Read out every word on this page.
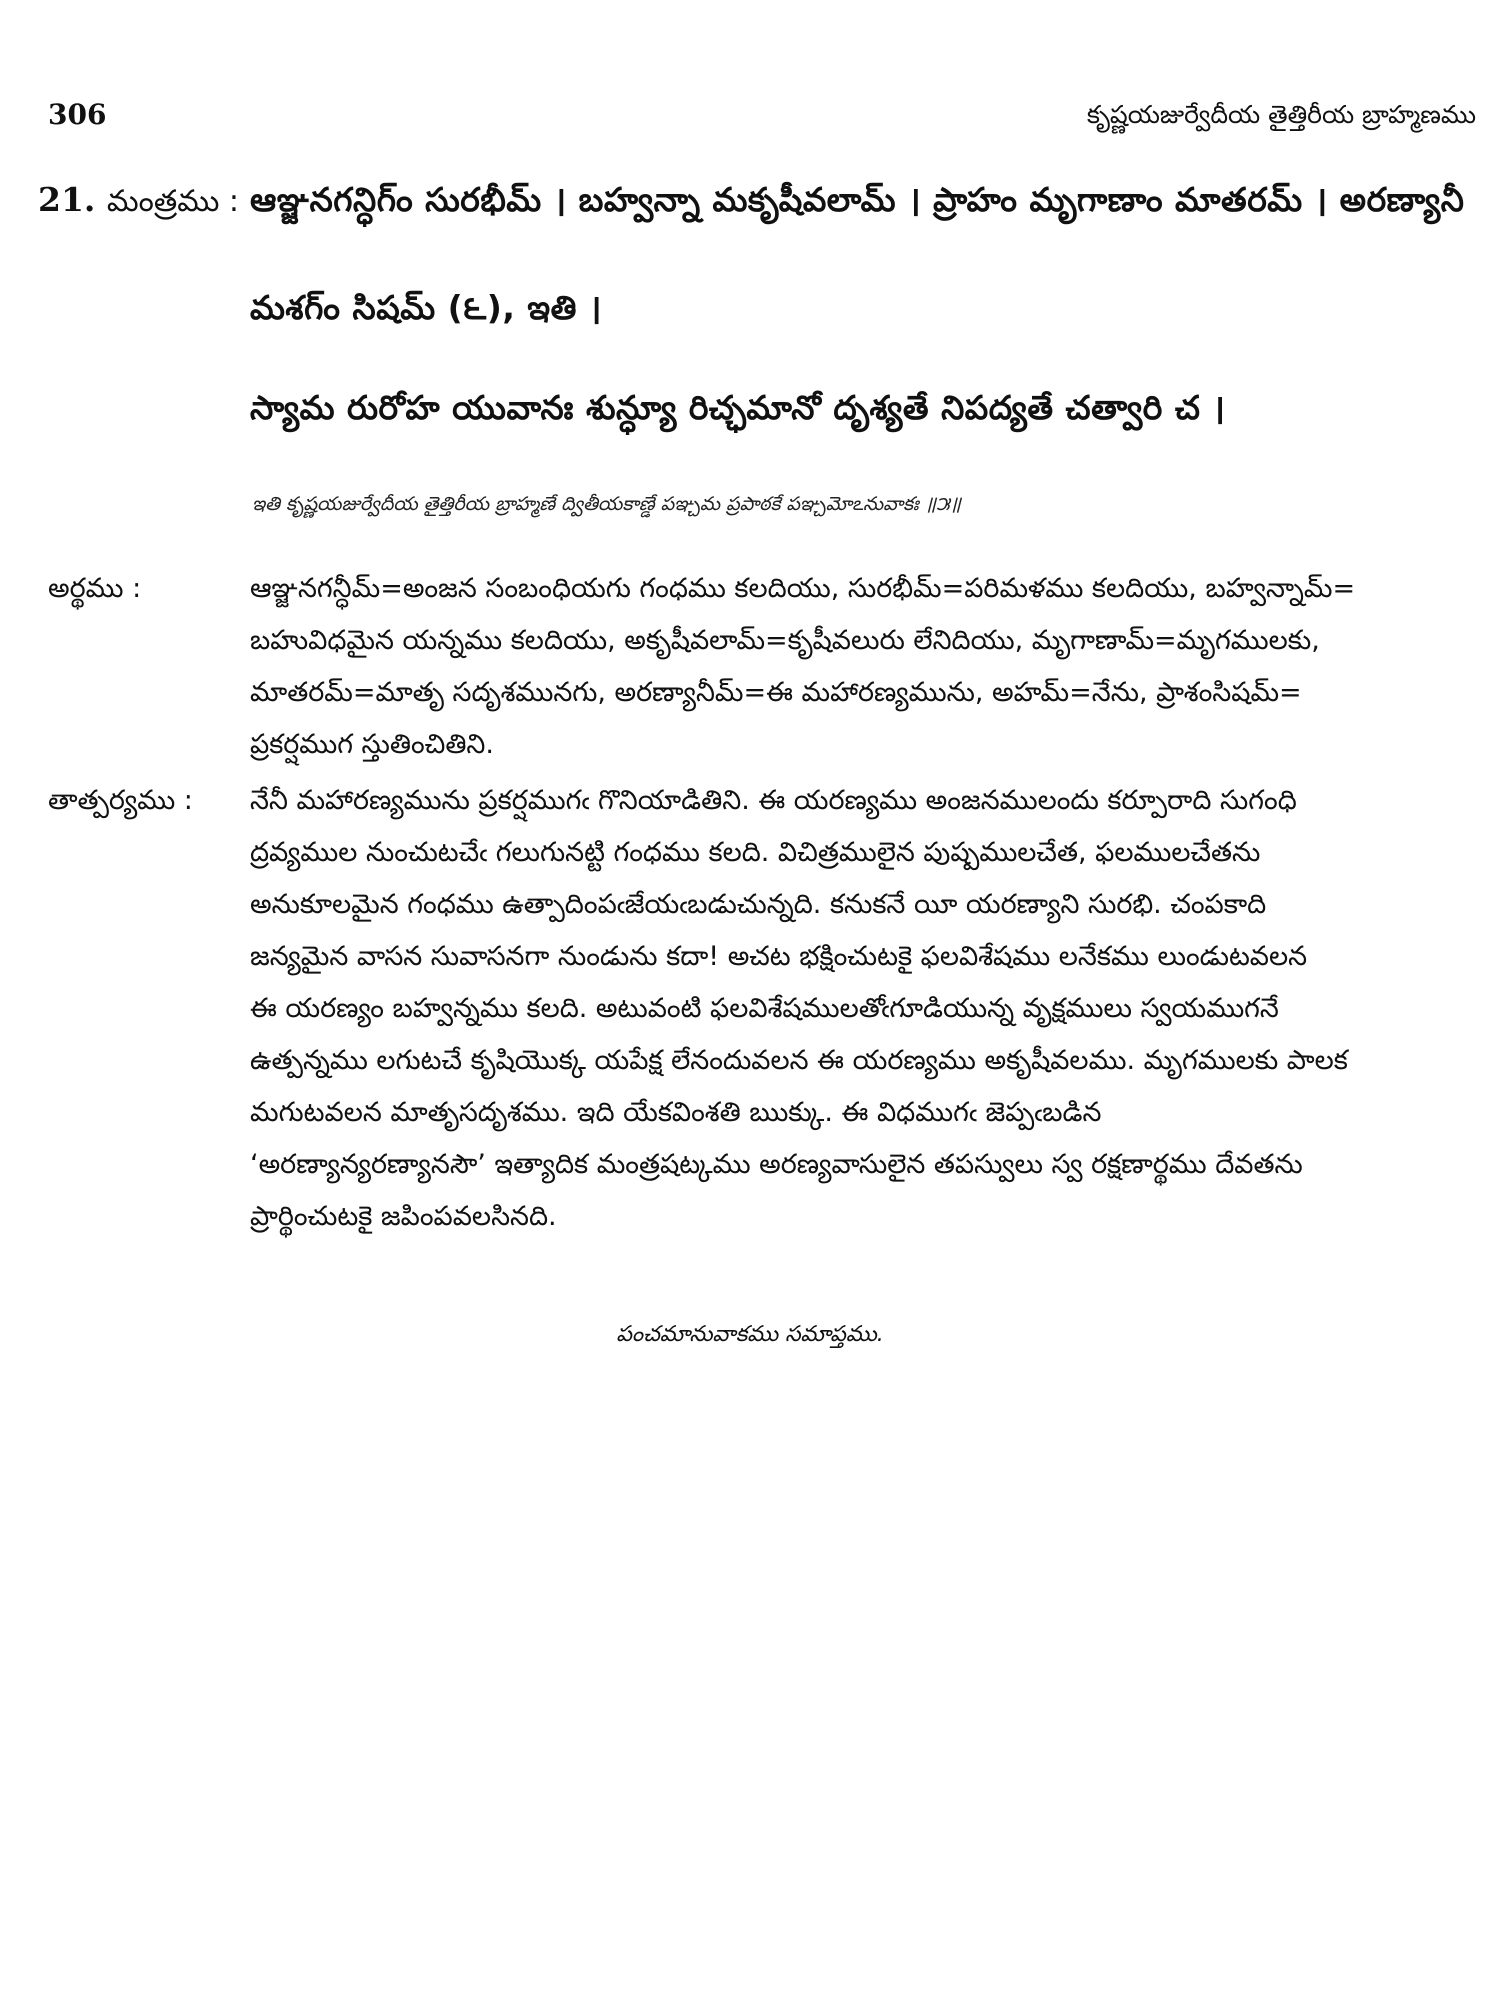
306	కృష్ణయజుర్వేదీయ తైత్తిరీయ బ్రాహ్మణము
21. మంత్రము : ఆఞ్జనగన్ధిగ్ం సురభీమ్ । బహ్వన్నా మకృషీవలామ్ । ప్రాహం మృగాణాం మాతరమ్ । అరణ్యానీ
మశగ్ం సిషమ్ (౬), ఇతి ।
స్యామ రురోహ యువానః శున్ధ్యూ రిచ్ఛమానో దృశ్యతే నిపద్యతే చత్వారి చ ।
ఇతి కృష్ణయజుర్వేదీయ తైత్తిరీయ బ్రాహ్మణే ద్వితీయకాణ్డే పఞ్చమ ప్రపాఠకే పఞ్చమోఽనువాకః ॥౫॥
అర్థము :	ఆఞ్జనగన్ధీమ్=అంజన సంబంధియగు గంధము కలదియు, సురభీమ్=పరిమళము కలదియు, బహ్వన్నామ్=
బహువిధమైన యన్నము కలదియు, అకృషీవలామ్=కృషీవలురు లేనిదియు, మృగాణామ్=మృగములకు,
మాతరమ్=మాతృ సదృశమునగు, అరణ్యానీమ్=ఈ మహారణ్యమును, అహమ్=నేను, ప్రాశంసిషమ్=
ప్రకర్షముగ స్తుతించితిని.
తాత్పర్యము : నేనీ మహారణ్యమును ప్రకర్షముగఁ గొనియాడితిని. ఈ యరణ్యము అంజనములందు కర్పూరాది సుగంధి
ద్రవ్యముల నుంచుటచేఁ గలుగునట్టి గంధము కలది. విచిత్రములైన పుష్పములచేత, ఫలములచేతను
అనుకూలమైన గంధము ఉత్పాదింపఁజేయఁబడుచున్నది. కనుకనే యీ యరణ్యాని సురభి. చంపకాది
జన్యమైన వాసన సువాసనగా నుండును కదా! అచట భక్షించుటకై ఫలవిశేషము లనేకము లుండుటవలన
ఈ యరణ్యం బహ్వన్నము కలది. అటువంటి ఫలవిశేషములతోఁగూడియున్న వృక్షములు స్వయముగనే
ఉత్పన్నము లగుటచే కృషియొక్క యపేక్ష లేనందువలన ఈ యరణ్యము అకృషీవలము. మృగములకు పాలక
మగుటవలన మాతృసదృశము. ఇది యేకవింశతి ఋక్కు. ఈ విధముగఁ జెప్పఁబడిన
‘అరణ్యాన్యరణ్యానసౌ’ ఇత్యాదిక మంత్రషట్కము అరణ్యవాసులైన తపస్వులు స్వ రక్షణార్థము దేవతను
ప్రార్థించుటకై జపింపవలసినది.
పంచమానువాకము సమాప్తము.
